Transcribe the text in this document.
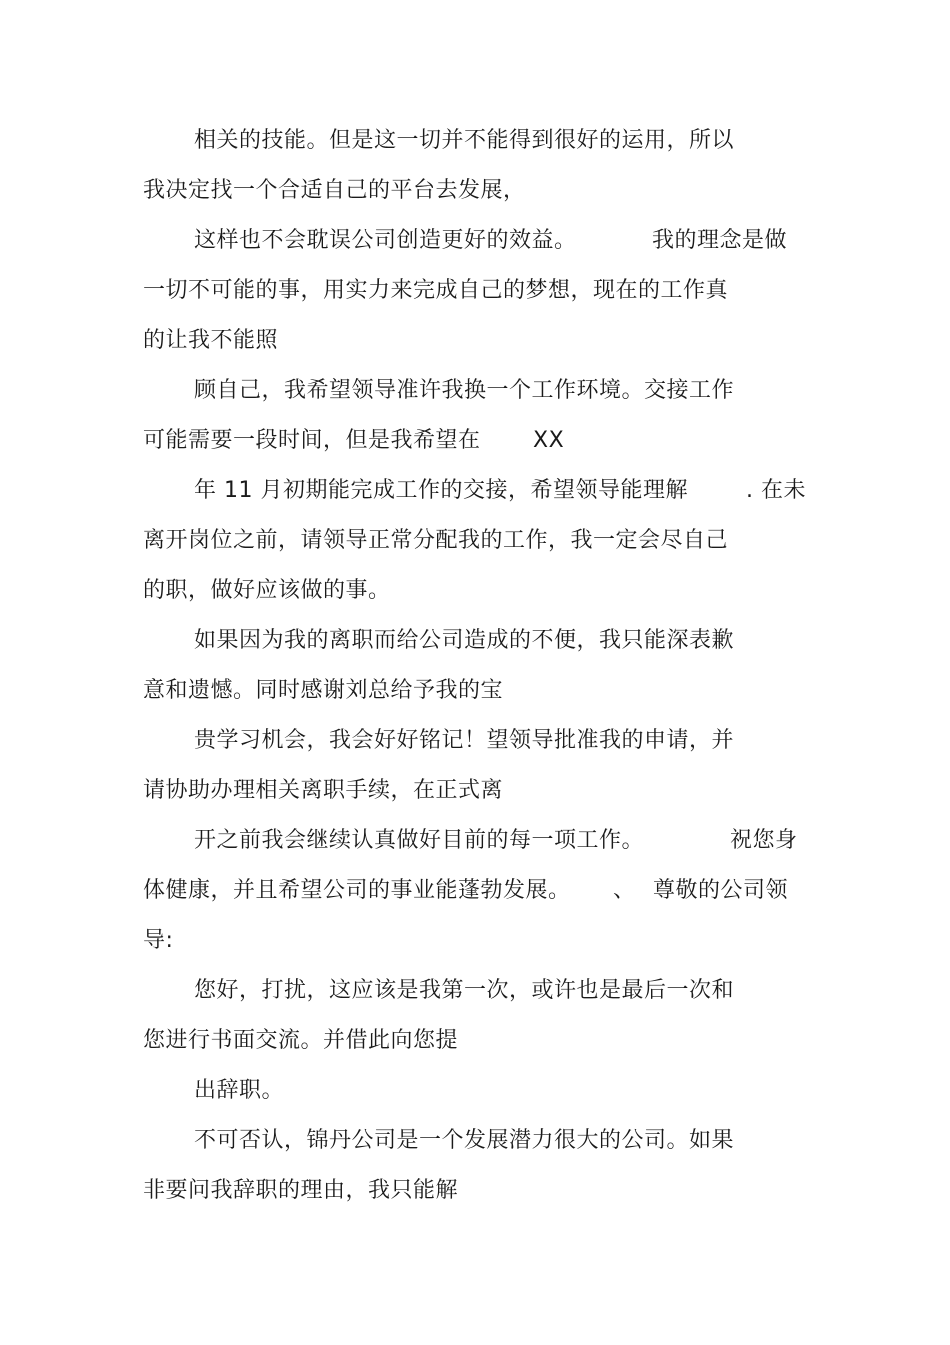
相关的技能。但是这一切并不能得到很好的运用，所以
我决定找一个合适自己的平台去发展，
这样也不会耽误公司创造更好的效益。	我的理念是做
一切不可能的事，用实力来完成自己的梦想，现在的工作真
的让我不能照
顾自己，我希望领导准许我换一个工作环境。交接工作
可能需要一段时间，但是我希望在 XX
年 11 月初期能完成工作的交接，希望领导能理解	. 在未
离开岗位之前，请领导正常分配我的工作，我一定会尽自己
的职，做好应该做的事。
如果因为我的离职而给公司造成的不便，我只能深表歉
意和遗憾。同时感谢刘总给予我的宝
贵学习机会，我会好好铭记！望领导批准我的申请，并
请协助办理相关离职手续，在正式离
开之前我会继续认真做好目前的每一项工作。	祝您身
体健康，并且希望公司的事业能蓬勃发展。 、 尊敬的公司领
导:
您好，打扰，这应该是我第一次，或许也是最后一次和
您进行书面交流。并借此向您提
出辞职。
不可否认，锦丹公司是一个发展潜力很大的公司。如果
非要问我辞职的理由，我只能解
